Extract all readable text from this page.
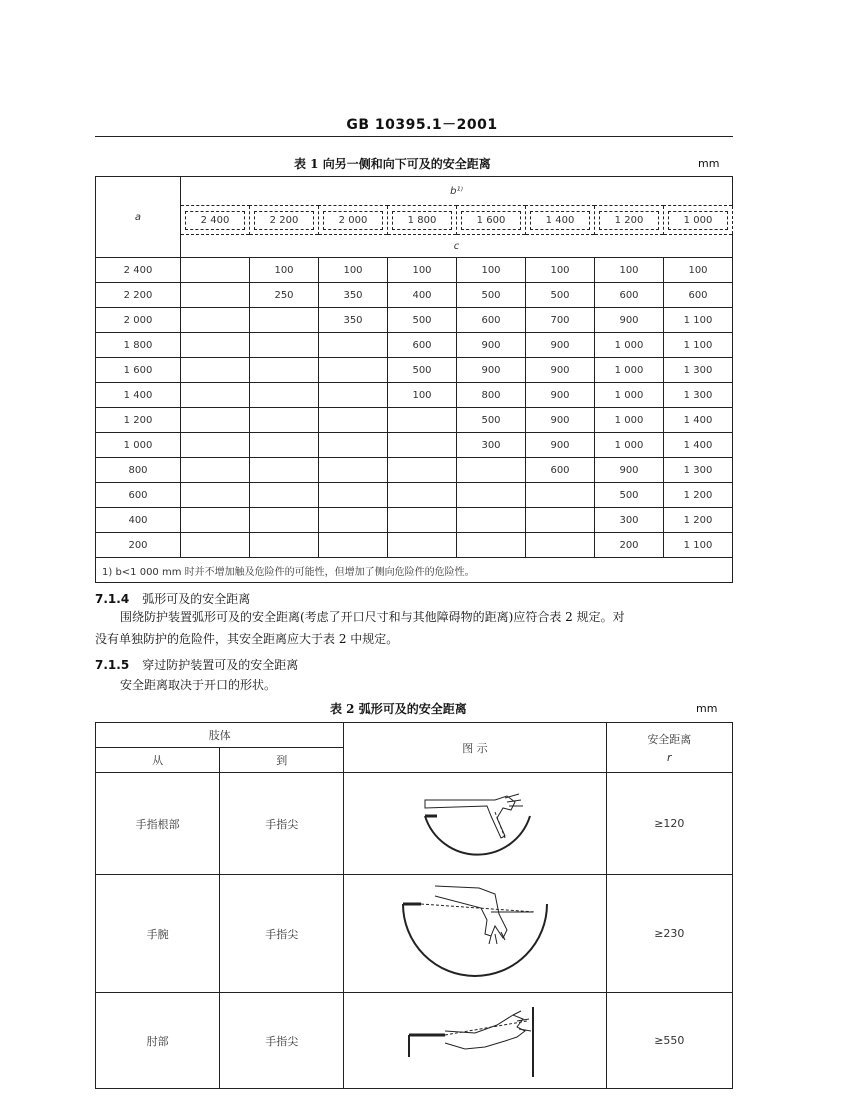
GB 10395.1－2001
表 1 向另一侧和向下可及的安全距离	mm
a	b¹⁾							
	2 400	2 200	2 000	1 800	1 600	1 400	1 200	1 000
	c							
2 400		100	100	100	100	100	100	100
2 200		250	350	400	500	500	600	600
2 000			350	500	600	700	900	1 100
1 800				600	900	900	1 000	1 100
1 600				500	900	900	1 000	1 300
1 400				100	800	900	1 000	1 300
1 200					500	900	1 000	1 400
1 000					300	900	1 000	1 400
800						600	900	1 300
600							500	1 200
400							300	1 200
200							200	1 100
1) b<1 000 mm 时并不增加触及危险件的可能性，但增加了侧向危险件的危险性。								
7.1.4 弧形可及的安全距离
围绕防护装置弧形可及的安全距离(考虑了开口尺寸和与其他障碍物的距离)应符合表 2 规定。对
没有单独防护的危险件，其安全距离应大于表 2 中规定。
7.1.5 穿过防护装置可及的安全距离
安全距离取决于开口的形状。
表 2 弧形可及的安全距离	mm
肢体		图 示	安全距离
r

从	到		
手指根部	手指尖		≥120
手腕	手指尖		≥230
肘部	手指尖		≥550
